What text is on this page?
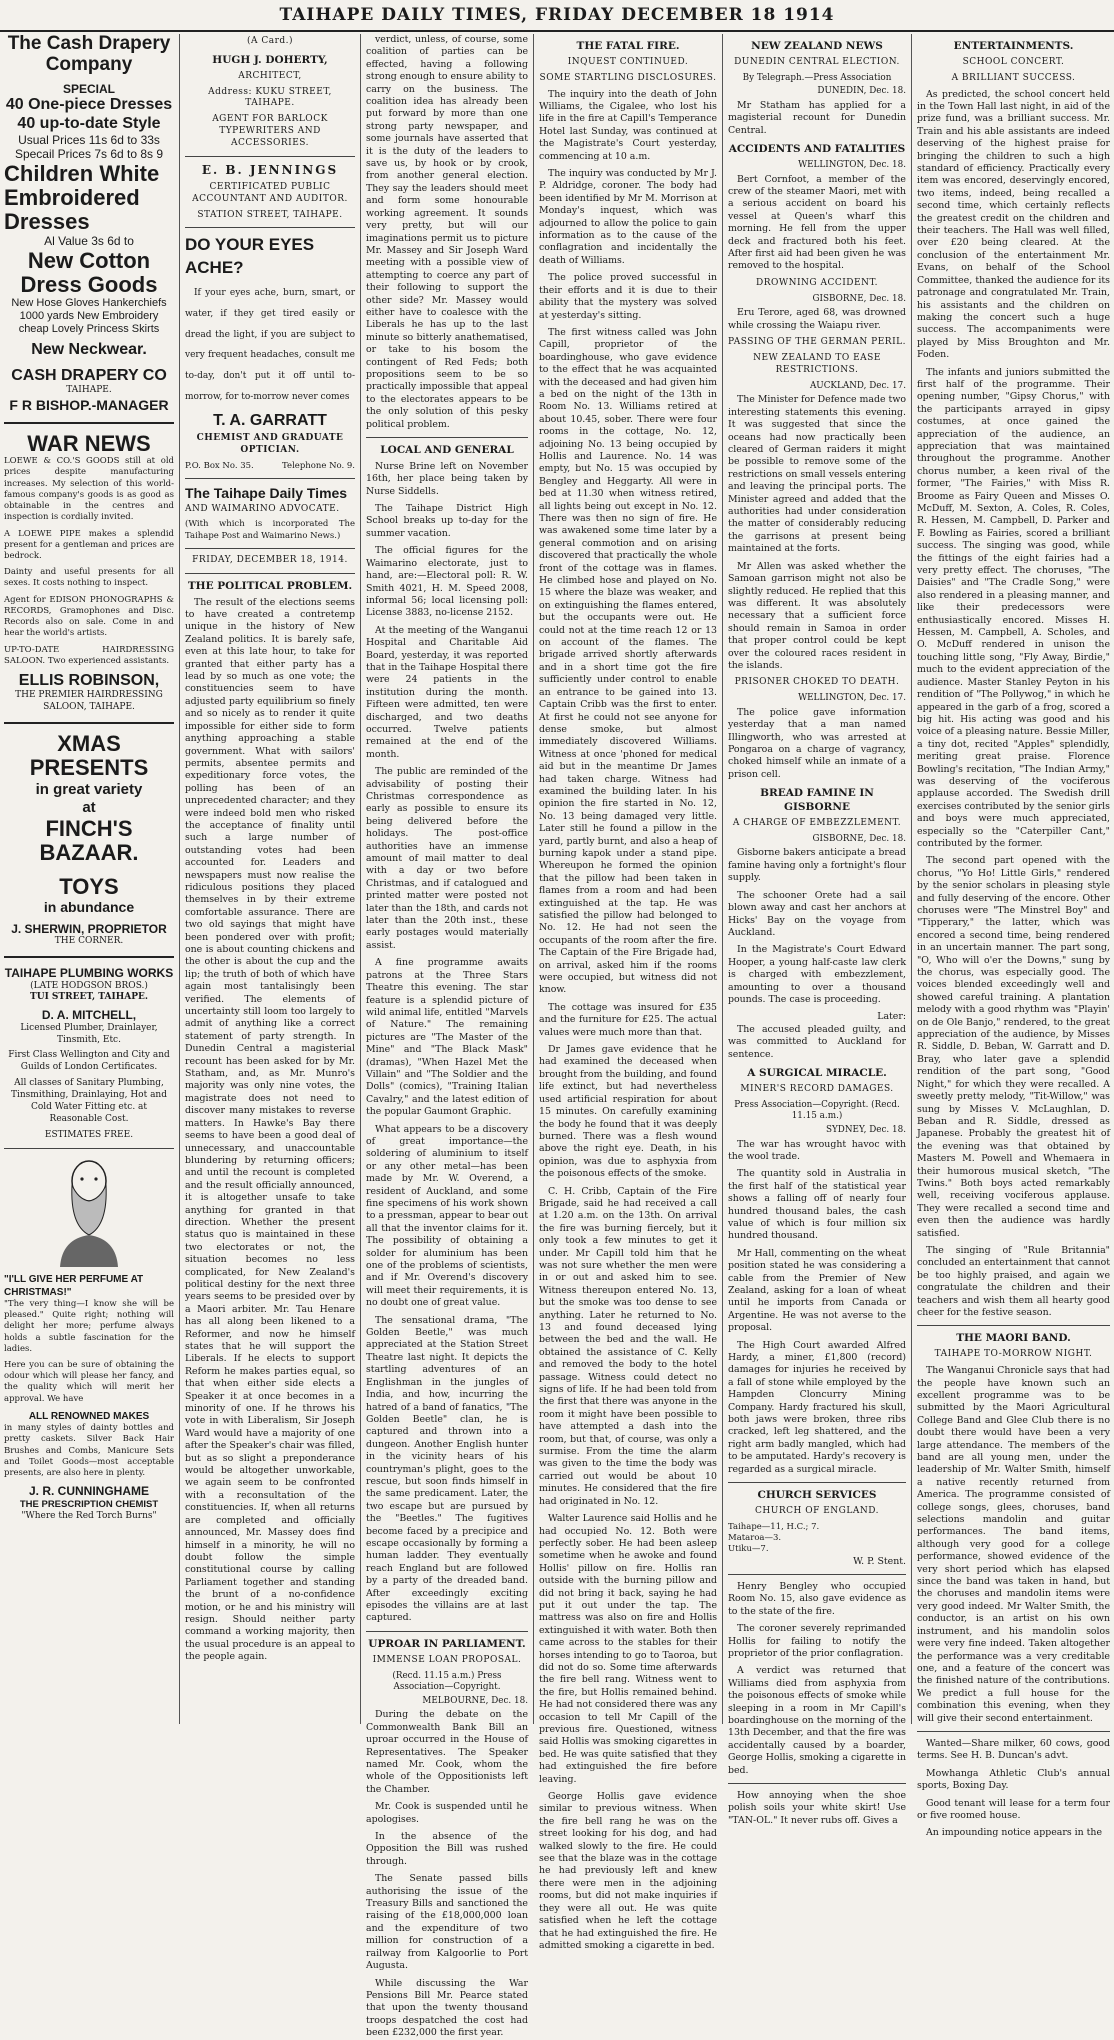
TAIHAPE DAILY TIMES, FRIDAY DECEMBER 18 1914
The Cash Drapery Company
SPECIAL
40 One-piece Dresses 40 up-to-date Style
Usual Prices 11s 6d to 33s
Specail Prices 7s 6d to 8s 9
Children White Embroidered Dresses
Al Value 3s 6d to
New Cotton Dress Goods
New Hose Gloves Hankerchiefs 1000 yards New Embroidery cheap Lovely Princess Skirts
New Neckwear.
CASH DRAPERY CO
TAIHAPE.
F R BISHOP.-MANAGER
WAR NEWS

LOEWE & CO.'S GOODS still at old prices despite manufacturing increases. My selection of this world-famous company's goods is as good as obtainable in the centres and inspection is cordially invited.

A LOEWE PIPE makes a splendid present for a gentleman and prices are bedrock.

Dainty and useful presents for all sexes. It costs nothing to inspect.

Agent for EDISON PHONOGRAPHS & RECORDS, Gramophones and Disc. Records also on sale. Come in and hear the world's artists.

UP-TO-DATE HAIRDRESSING SALOON. Two experienced assistants.

ELLIS ROBINSON,
THE PREMIER HAIRDRESSING SALOON, TAIHAPE.
XMAS PRESENTS
in great variety
at
FINCH'S BAZAAR.
TOYS
in abundance
J. SHERWIN, PROPRIETOR
THE CORNER.
TAIHAPE PLUMBING WORKS
(LATE HODGSON BROS.)
TUI STREET, TAIHAPE.
D. A. MITCHELL,
Licensed Plumber, Drainlayer, Tinsmith, Etc.
First Class Wellington and City and Guilds of London Certificates.
All classes of Sanitary Plumbing, Tinsmithing, Drainlaying, Hot and Cold Water Fitting etc. at Reasonable Cost.
ESTIMATES FREE.
"I'LL GIVE HER PERFUME AT CHRISTMAS!"

"The very thing—I know she will be pleased." Quite right; nothing will delight her more; perfume always holds a subtle fascination for the ladies.

Here you can be sure of obtaining the odour which will please her fancy, and the quality which will merit her approval. We have

ALL RENOWNED MAKES

in many styles of dainty bottles and pretty caskets. Silver Back Hair Brushes and Combs, Manicure Sets and Toilet Goods—most acceptable presents, are also here in plenty.

J. R. CUNNINGHAME
THE PRESCRIPTION CHEMIST
"Where the Red Torch Burns"
(A Card.)
HUGH J. DOHERTY,
ARCHITECT,
Address: KUKU STREET, TAIHAPE.
AGENT FOR BARLOCK TYPEWRITERS AND ACCESSORIES.
E. B. JENNINGS
CERTIFICATED PUBLIC ACCOUNTANT AND AUDITOR.
STATION STREET, TAIHAPE.
DO YOUR EYES ACHE?

If your eyes ache, burn, smart, or water, if they get tired easily or dread the light, if you are subject to very frequent headaches, consult me to-day, don't put it off until to-morrow, for to-morrow never comes

T. A. GARRATT
CHEMIST AND GRADUATE OPTICIAN.
P.O. Box No. 35.	Telephone No. 9.
The Taihape Daily Times
AND WAIMARINO ADVOCATE.

(With which is incorporated The Taihape Post and Waimarino News.)

FRIDAY, DECEMBER 18, 1914.
THE POLITICAL PROBLEM.

The result of the elections seems to have created a contretemp unique in the history of New Zealand politics. It is barely safe, even at this late hour, to take for granted that either party has a lead by so much as one vote; the constituencies seem to have adjusted party equilibrium so finely and so nicely as to render it quite impossible for either side to form anything approaching a stable government. What with sailors' permits, absentee permits and expeditionary force votes, the polling has been of an unprecedented character; and they were indeed bold men who risked the acceptance of finality until such a large number of outstanding votes had been accounted for. Leaders and newspapers must now realise the ridiculous positions they placed themselves in by their extreme comfortable assurance. There are two old sayings that might have been pondered over with profit; one is about counting chickens and the other is about the cup and the lip; the truth of both of which have again most tantalisingly been verified. The elements of uncertainty still loom too largely to admit of anything like a correct statement of party strength. In Dunedin Central a magisterial recount has been asked for by Mr. Statham, and, as Mr. Munro's majority was only nine votes, the magistrate does not need to discover many mistakes to reverse matters. In Hawke's Bay there seems to have been a good deal of unnecessary, and unaccountable blundering by returning officers; and until the recount is completed and the result officially announced, it is altogether unsafe to take anything for granted in that direction. Whether the present status quo is maintained in these two electorates or not, the situation becomes no less complicated, for New Zealand's political destiny for the next three years seems to be presided over by a Maori arbiter. Mr. Tau Henare has all along been likened to a Reformer, and now he himself states that he will support the Liberals. If he elects to support Reform he makes parties equal, so that when either side elects a Speaker it at once becomes in a minority of one. If he throws his vote in with Liberalism, Sir Joseph Ward would have a majority of one after the Speaker's chair was filled, but as so slight a preponderance would be altogether unworkable, we again seem to be confronted with a reconsultation of the constituencies. If, when all returns are completed and officially announced, Mr. Massey does find himself in a minority, he will no doubt follow the simple constitutional course by calling Parliament together and standing the brunt of a no-confidence motion, or he and his ministry will resign. Should neither party command a working majority, then the usual procedure is an appeal to the people again.

verdict, unless, of course, some coalition of parties can be effected, having a following strong enough to ensure ability to carry on the business. The coalition idea has already been put forward by more than one strong party newspaper, and some journals have asserted that it is the duty of the leaders to save us, by hook or by crook, from another general election. They say the leaders should meet and form some honourable working agreement. It sounds very pretty, but will our imaginations permit us to picture Mr. Massey and Sir Joseph Ward meeting with a possible view of attempting to coerce any part of their following to support the other side? Mr. Massey would either have to coalesce with the Liberals he has up to the last minute so bitterly anathematised, or take to his bosom the contingent of Red Feds; both propositions seem to be so practically impossible that appeal to the electorates appears to be the only solution of this pesky political problem.

LOCAL AND GENERAL

Nurse Brine left on November 16th, her place being taken by Nurse Siddells.

The Taihape District High School breaks up to-day for the summer vacation.

The official figures for the Waimarino electorate, just to hand, are:—Electoral poll: R. W. Smith 4021, H. M. Speed 2008, informal 56; local licensing poll: License 3883, no-license 2152.

At the meeting of the Wanganui Hospital and Charitable Aid Board, yesterday, it was reported that in the Taihape Hospital there were 24 patients in the institution during the month. Fifteen were admitted, ten were discharged, and two deaths occurred. Twelve patients remained at the end of the month.

The public are reminded of the advisability of posting their Christmas correspondence as early as possible to ensure its being delivered before the holidays. The post-office authorities have an immense amount of mail matter to deal with a day or two before Christmas, and if catalogued and printed matter were posted not later than the 18th, and cards not later than the 20th inst., these early postages would materially assist.

A fine programme awaits patrons at the Three Stars Theatre this evening. The star feature is a splendid picture of wild animal life, entitled "Marvels of Nature." The remaining pictures are "The Master of the Mine" and "The Black Mask" (dramas), "When Hazel Met the Villain" and "The Soldier and the Dolls" (comics), "Training Italian Cavalry," and the latest edition of the popular Gaumont Graphic.

What appears to be a discovery of great importance—the soldering of aluminium to itself or any other metal—has been made by Mr. W. Overend, a resident of Auckland, and some fine specimens of his work shown to a pressman, appear to bear out all that the inventor claims for it. The possibility of obtaining a solder for aluminium has been one of the problems of scientists, and if Mr. Overend's discovery will meet their requirements, it is no doubt one of great value.

The sensational drama, "The Golden Beetle," was much appreciated at the Station Street Theatre last night. It depicts the startling adventures of an Englishman in the jungles of India, and how, incurring the hatred of a band of fanatics, "The Golden Beetle" clan, he is captured and thrown into a dungeon. Another English hunter in the vicinity hears of his countryman's plight, goes to the rescue, but soon finds himself in the same predicament. Later, the two escape but are pursued by the "Beetles." The fugitives become faced by a precipice and escape occasionally by forming a human ladder. They eventually reach England but are followed by a party of the dreaded band. After exceedingly exciting episodes the villains are at last captured.

UPROAR IN PARLIAMENT.
IMMENSE LOAN PROPOSAL.
(Recd. 11.15 a.m.) Press Association—Copyright.
MELBOURNE, Dec. 18.

During the debate on the Commonwealth Bank Bill an uproar occurred in the House of Representatives. The Speaker named Mr. Cook, whom the whole of the Oppositionists left the Chamber.

Mr. Cook is suspended until he apologises.

In the absence of the Opposition the Bill was rushed through.

The Senate passed bills authorising the issue of the Treasury Bills and sanctioned the raising of the £18,000,000 loan and the expenditure of two million for construction of a railway from Kalgoorlie to Port Augusta.

While discussing the War Pensions Bill Mr. Pearce stated that upon the twenty thousand troops despatched the cost had been £232,000 the first year.

THE FATAL FIRE.
INQUEST CONTINUED.
SOME STARTLING DISCLOSURES.

The inquiry into the death of John Williams, the Cigalee, who lost his life in the fire at Capill's Temperance Hotel last Sunday, was continued at the Magistrate's Court yesterday, commencing at 10 a.m.

The inquiry was conducted by Mr J. P. Aldridge, coroner. The body had been identified by Mr M. Morrison at Monday's inquest, which was adjourned to allow the police to gain information as to the cause of the conflagration and incidentally the death of Williams.

The police proved successful in their efforts and it is due to their ability that the mystery was solved at yesterday's sitting.

The first witness called was John Capill, proprietor of the boardinghouse, who gave evidence to the effect that he was acquainted with the deceased and had given him a bed on the night of the 13th in Room No. 13. Williams retired at about 10.45, sober. There were four rooms in the cottage, No. 12, adjoining No. 13 being occupied by Hollis and Laurence. No. 14 was empty, but No. 15 was occupied by Bengley and Heggarty. All were in bed at 11.30 when witness retired, all lights being out except in No. 12. There was then no sign of fire. He was awakened some time later by a general commotion and on arising discovered that practically the whole front of the cottage was in flames. He climbed hose and played on No. 15 where the blaze was weaker, and on extinguishing the flames entered, but the occupants were out. He could not at the time reach 12 or 13 on account of the flames. The brigade arrived shortly afterwards and in a short time got the fire sufficiently under control to enable an entrance to be gained into 13. Captain Cribb was the first to enter. At first he could not see anyone for dense smoke, but almost immediately discovered Williams. Witness at once 'phoned for medical aid but in the meantime Dr James had taken charge. Witness had examined the building later. In his opinion the fire started in No. 12, No. 13 being damaged very little. Later still he found a pillow in the yard, partly burnt, and also a heap of burning kapok under a stand pipe. Whereupon he formed the opinion that the pillow had been taken in flames from a room and had been extinguished at the tap. He was satisfied the pillow had belonged to No. 12. He had not seen the occupants of the room after the fire. The Captain of the Fire Brigade had, on arrival, asked him if the rooms were occupied, but witness did not know.

The cottage was insured for £35 and the furniture for £25. The actual values were much more than that.

Dr James gave evidence that he had examined the deceased when brought from the building, and found life extinct, but had nevertheless used artificial respiration for about 15 minutes. On carefully examining the body he found that it was deeply burned. There was a flesh wound above the right eye. Death, in his opinion, was due to asphyxia from the poisonous effects of the smoke.

C. H. Cribb, Captain of the Fire Brigade, said he had received a call at 1.20 a.m. on the 13th. On arrival the fire was burning fiercely, but it only took a few minutes to get it under. Mr Capill told him that he was not sure whether the men were in or out and asked him to see. Witness thereupon entered No. 13, but the smoke was too dense to see anything. Later he returned to No. 13 and found deceased lying between the bed and the wall. He obtained the assistance of C. Kelly and removed the body to the hotel passage. Witness could detect no signs of life. If he had been told from the first that there was anyone in the room it might have been possible to have attempted a dash into the room, but that, of course, was only a surmise. From the time the alarm was given to the time the body was carried out would be about 10 minutes. He considered that the fire had originated in No. 12.

Walter Laurence said Hollis and he had occupied No. 12. Both were perfectly sober. He had been asleep sometime when he awoke and found Hollis' pillow on fire. Hollis ran outside with the burning pillow and did not bring it back, saying he had put it out under the tap. The mattress was also on fire and Hollis extinguished it with water. Both then came across to the stables for their horses intending to go to Taoroa, but did not do so. Some time afterwards the fire bell rang. Witness went to the fire, but Hollis remained behind. He had not considered there was any occasion to tell Mr Capill of the previous fire. Questioned, witness said Hollis was smoking cigarettes in bed. He was quite satisfied that they had extinguished the fire before leaving.

George Hollis gave evidence similar to previous witness. When the fire bell rang he was on the street looking for his dog, and had walked slowly to the fire. He could see that the blaze was in the cottage he had previously left and knew there were men in the adjoining rooms, but did not make inquiries if they were all out. He was quite satisfied when he left the cottage that he had extinguished the fire. He admitted smoking a cigarette in bed.

NEW ZEALAND NEWS
DUNEDIN CENTRAL ELECTION.
By Telegraph.—Press Association
DUNEDIN, Dec. 18.

Mr Statham has applied for a magisterial recount for Dunedin Central.

ACCIDENTS AND FATALITIES
WELLINGTON, Dec. 18.

Bert Cornfoot, a member of the crew of the steamer Maori, met with a serious accident on board his vessel at Queen's wharf this morning. He fell from the upper deck and fractured both his feet. After first aid had been given he was removed to the hospital.

DROWNING ACCIDENT.
GISBORNE, Dec. 18.

Eru Terore, aged 68, was drowned while crossing the Waiapu river.

PASSING OF THE GERMAN PERIL.
NEW ZEALAND TO EASE RESTRICTIONS.
AUCKLAND, Dec. 17.

The Minister for Defence made two interesting statements this evening. It was suggested that since the oceans had now practically been cleared of German raiders it might be possible to remove some of the restrictions on small vessels entering and leaving the principal ports. The Minister agreed and added that the authorities had under consideration the matter of considerably reducing the garrisons at present being maintained at the forts.

Mr Allen was asked whether the Samoan garrison might not also be slightly reduced. He replied that this was different. It was absolutely necessary that a sufficient force should remain in Samoa in order that proper control could be kept over the coloured races resident in the islands.

PRISONER CHOKED TO DEATH.
WELLINGTON, Dec. 17.

The police gave information yesterday that a man named Illingworth, who was arrested at Pongaroa on a charge of vagrancy, choked himself while an inmate of a prison cell.

BREAD FAMINE IN GISBORNE
A CHARGE OF EMBEZZLEMENT.
GISBORNE, Dec. 18.

Gisborne bakers anticipate a bread famine having only a fortnight's flour supply.

The schooner Orete had a sail blown away and cast her anchors at Hicks' Bay on the voyage from Auckland.

In the Magistrate's Court Edward Hooper, a young half-caste law clerk is charged with embezzlement, amounting to over a thousand pounds. The case is proceeding.

Later:

The accused pleaded guilty, and was committed to Auckland for sentence.

A SURGICAL MIRACLE.
MINER'S RECORD DAMAGES.
Press Association—Copyright. (Recd. 11.15 a.m.)
SYDNEY, Dec. 18.

The war has wrought havoc with the wool trade.

The quantity sold in Australia in the first half of the statistical year shows a falling off of nearly four hundred thousand bales, the cash value of which is four million six hundred thousand.

Mr Hall, commenting on the wheat position stated he was considering a cable from the Premier of New Zealand, asking for a loan of wheat until he imports from Canada or Argentine. He was not averse to the proposal.

The High Court awarded Alfred Hardy, a miner, £1,800 (record) damages for injuries he received by a fall of stone while employed by the Hampden Cloncurry Mining Company. Hardy fractured his skull, both jaws were broken, three ribs cracked, left leg shattered, and the right arm badly mangled, which had to be amputated. Hardy's recovery is regarded as a surgical miracle.

CHURCH SERVICES
CHURCH OF ENGLAND.
Taihape—11, H.C.; 7.
Mataroa—3.
Utiku—7.
W. P. Stent.

Henry Bengley who occupied Room No. 15, also gave evidence as to the state of the fire.

The coroner severely reprimanded Hollis for failing to notify the proprietor of the prior conflagration.

A verdict was returned that Williams died from asphyxia from the poisonous effects of smoke while sleeping in a room in Mr Capill's boardinghouse on the morning of the 13th December, and that the fire was accidentally caused by a boarder, George Hollis, smoking a cigarette in bed.

How annoying when the shoe polish soils your white skirt! Use "TAN-OL." It never rubs off. Gives a

ENTERTAINMENTS.
SCHOOL CONCERT.
A BRILLIANT SUCCESS.

As predicted, the school concert held in the Town Hall last night, in aid of the prize fund, was a brilliant success. Mr. Train and his able assistants are indeed deserving of the highest praise for bringing the children to such a high standard of efficiency. Practically every item was encored, deservingly encored, two items, indeed, being recalled a second time, which certainly reflects the greatest credit on the children and their teachers. The Hall was well filled, over £20 being cleared. At the conclusion of the entertainment Mr. Evans, on behalf of the School Committee, thanked the audience for its patronage and congratulated Mr. Train, his assistants and the children on making the concert such a huge success. The accompaniments were played by Miss Broughton and Mr. Foden.

The infants and juniors submitted the first half of the programme. Their opening number, "Gipsy Chorus," with the participants arrayed in gipsy costumes, at once gained the appreciation of the audience, an appreciation that was maintained throughout the programme. Another chorus number, a keen rival of the former, "The Fairies," with Miss R. Broome as Fairy Queen and Misses O. McDuff, M. Sexton, A. Coles, R. Coles, R. Hessen, M. Campbell, D. Parker and F. Bowling as Fairies, scored a brilliant success. The singing was good, while the fittings of the eight fairies had a very pretty effect. The choruses, "The Daisies" and "The Cradle Song," were also rendered in a pleasing manner, and like their predecessors were enthusiastically encored. Misses H. Hessen, M. Campbell, A. Scholes, and O. McDuff rendered in unison the touching little song, "Fly Away, Birdie," much to the evident appreciation of the audience. Master Stanley Peyton in his rendition of "The Pollywog," in which he appeared in the garb of a frog, scored a big hit. His acting was good and his voice of a pleasing nature. Bessie Miller, a tiny dot, recited "Apples" splendidly, meriting great praise. Florence Bowling's recitation, "The Indian Army," was deserving of the vociferous applause accorded. The Swedish drill exercises contributed by the senior girls and boys were much appreciated, especially so the "Caterpiller Cant," contributed by the former.

The second part opened with the chorus, "Yo Ho! Little Girls," rendered by the senior scholars in pleasing style and fully deserving of the encore. Other choruses were "The Minstrel Boy" and "Tipperary," the latter, which was encored a second time, being rendered in an uncertain manner. The part song, "O, Who will o'er the Downs," sung by the chorus, was especially good. The voices blended exceedingly well and showed careful training. A plantation melody with a good rhythm was "Playin' on de Ole Banjo," rendered, to the great appreciation of the audience, by Misses R. Siddle, D. Beban, W. Garratt and D. Bray, who later gave a splendid rendition of the part song, "Good Night," for which they were recalled. A sweetly pretty melody, "Tit-Willow," was sung by Misses V. McLaughlan, D. Beban and R. Siddle, dressed as Japanese. Probably the greatest hit of the evening was that obtained by Masters M. Powell and Whemaera in their humorous musical sketch, "The Twins." Both boys acted remarkably well, receiving vociferous applause. They were recalled a second time and even then the audience was hardly satisfied.

The singing of "Rule Britannia" concluded an entertainment that cannot be too highly praised, and again we congratulate the children and their teachers and wish them all hearty good cheer for the festive season.

THE MAORI BAND.
TAIHAPE TO-MORROW NIGHT.

The Wanganui Chronicle says that had the people have known such an excellent programme was to be submitted by the Maori Agricultural College Band and Glee Club there is no doubt there would have been a very large attendance. The members of the band are all young men, under the leadership of Mr. Walter Smith, himself a native recently returned from America. The programme consisted of college songs, glees, choruses, band selections mandolin and guitar performances. The band items, although very good for a college performance, showed evidence of the very short period which has elapsed since the band was taken in hand, but the choruses and mandolin items were very good indeed. Mr Walter Smith, the conductor, is an artist on his own instrument, and his mandolin solos were very fine indeed. Taken altogether the performance was a very creditable one, and a feature of the concert was the finished nature of the contributions. We predict a full house for the combination this evening, when they will give their second entertainment.

Wanted—Share milker, 60 cows, good terms. See H. B. Duncan's advt.

Mowhanga Athletic Club's annual sports, Boxing Day.

Good tenant will lease for a term four or five roomed house.

An impounding notice appears in the
